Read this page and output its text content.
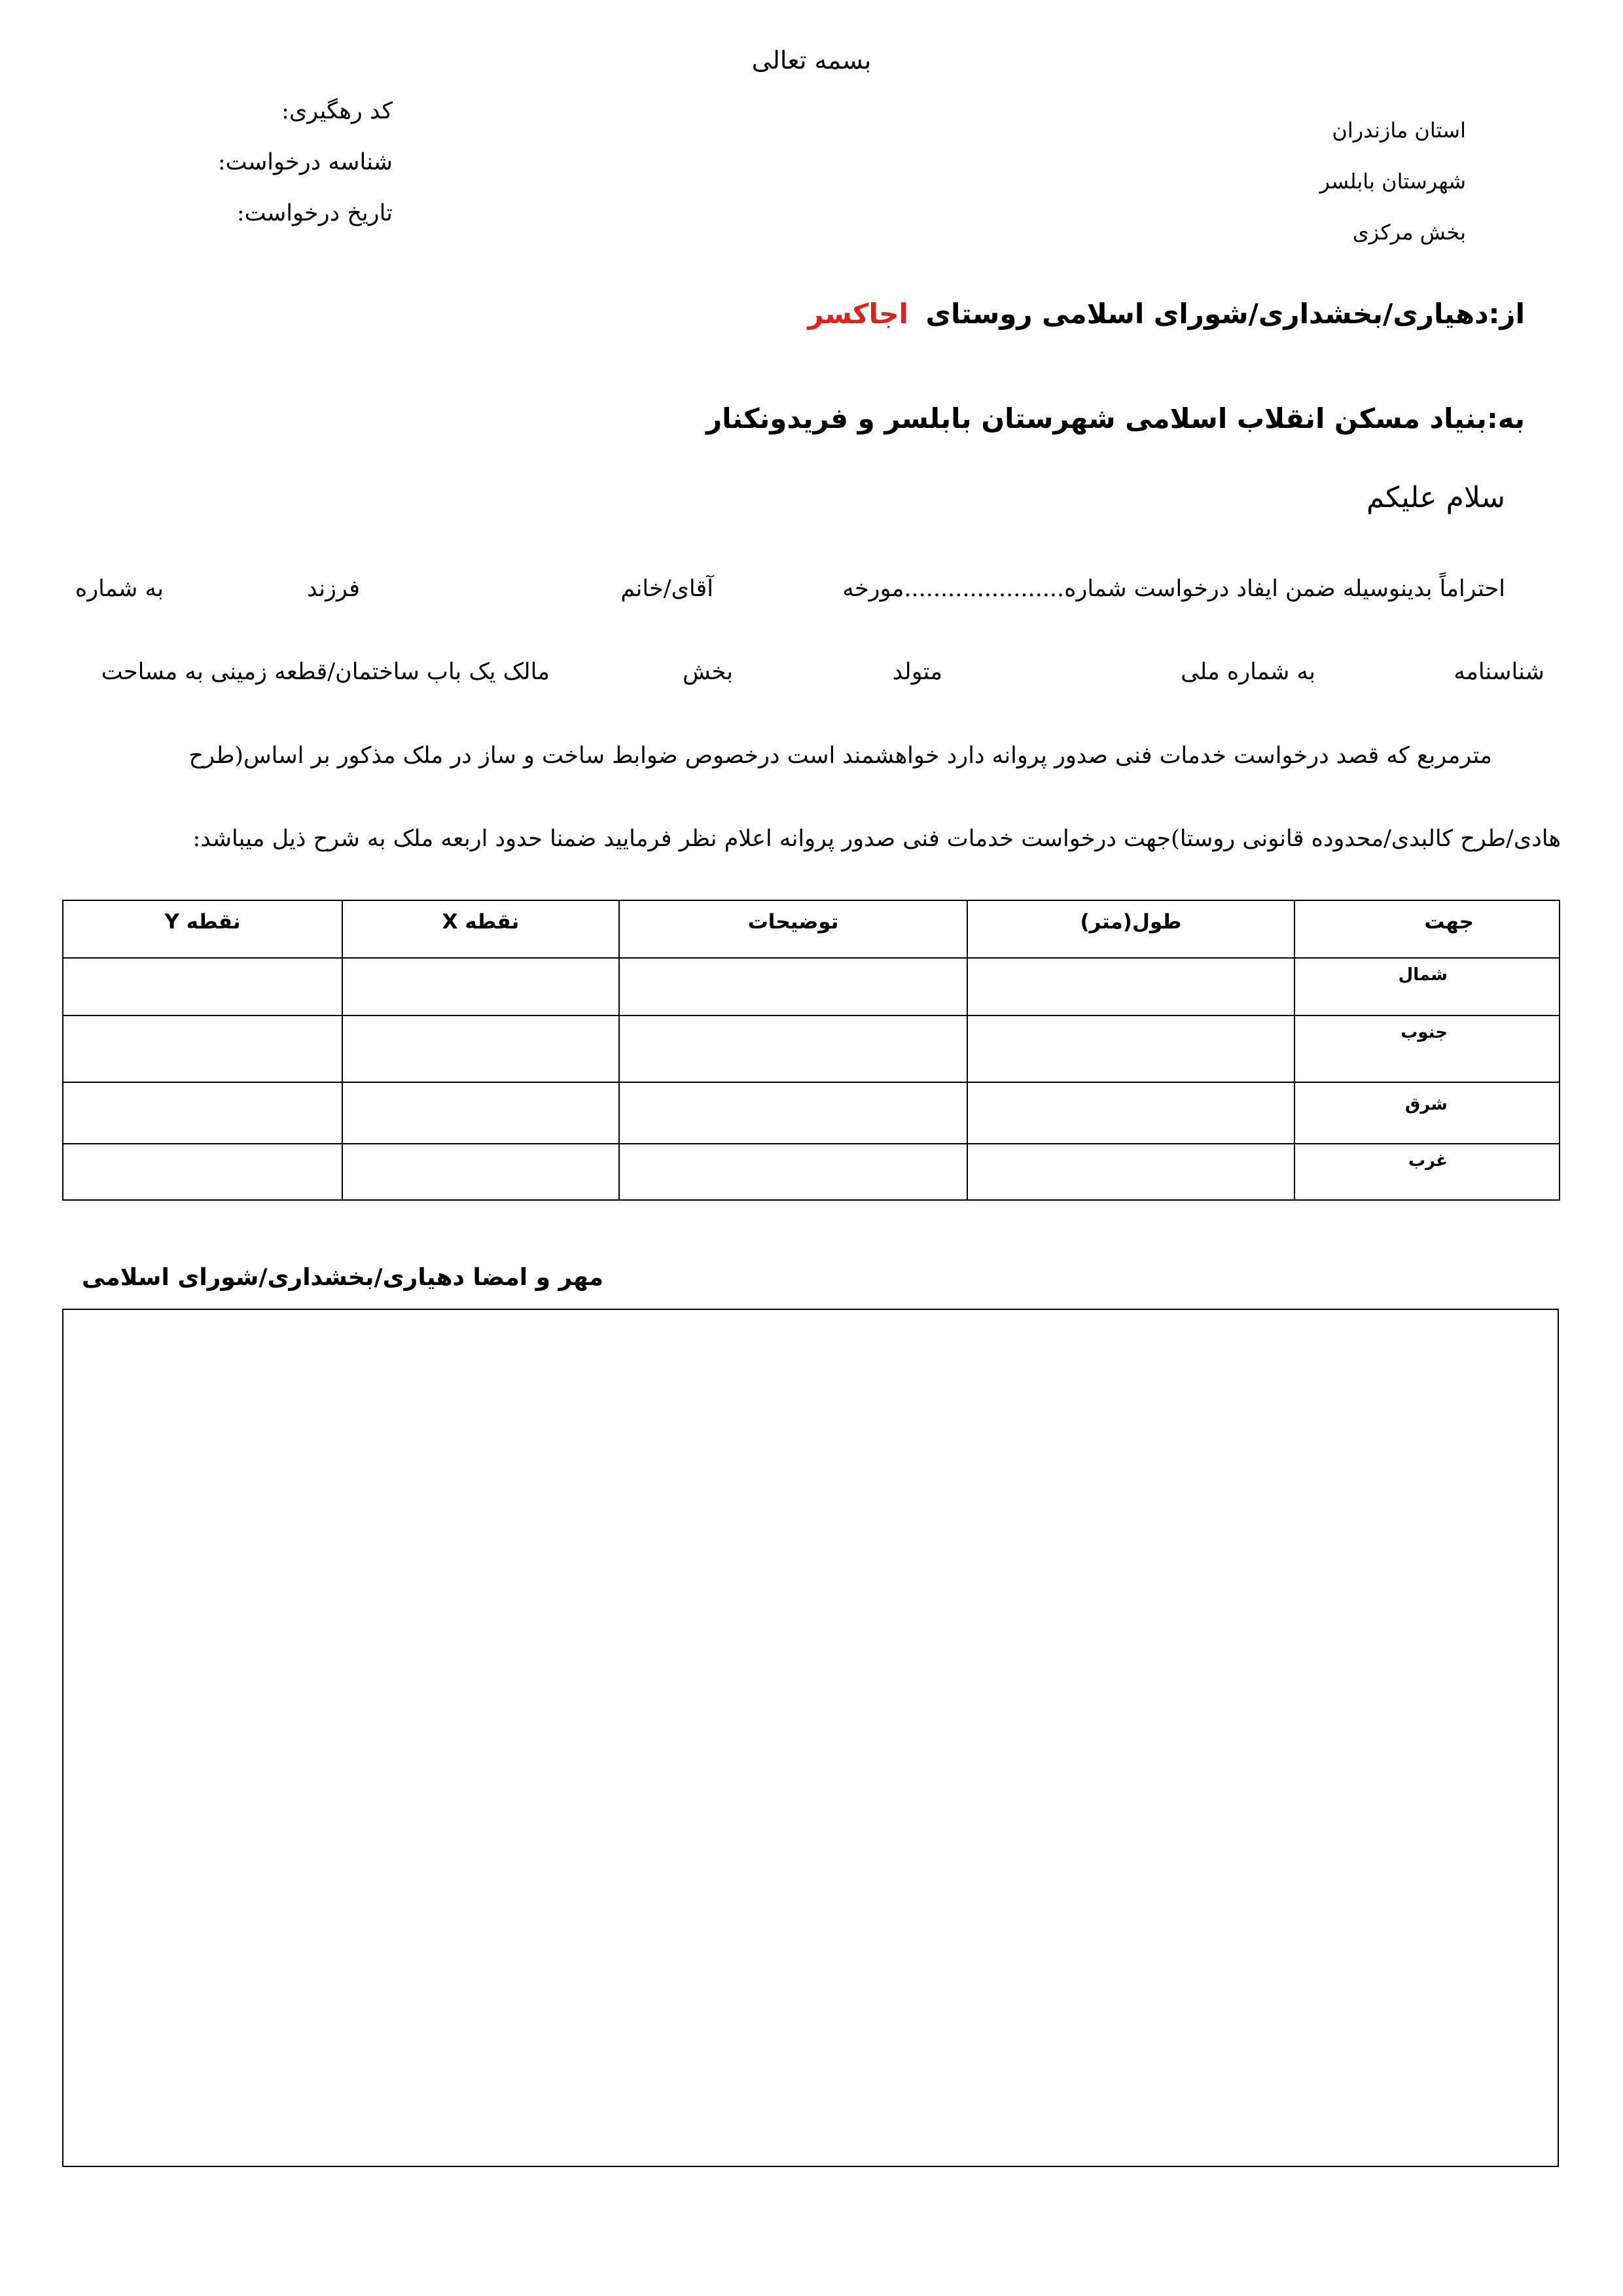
بسمه تعالی
کد رهگیری:
شناسه درخواست:
تاریخ درخواست:
استان مازندران
شهرستان بابلسر
بخش مرکزی
از:دهیاری/بخشداری/شورای اسلامی روستای اجاکسر
به:بنیاد مسکن انقلاب اسلامی شهرستان بابلسر و فریدونکنار
سلام علیکم
احتراماً بدینوسیله ضمن ایفاد درخواست شماره......................مورخه
آقای/خانم
فرزند
به شماره
شناسنامه
به شماره ملی
متولد
بخش
مالک یک باب ساختمان/قطعه زمینی به مساحت
مترمربع که قصد درخواست خدمات فنی صدور پروانه دارد خواهشمند است درخصوص ضوابط ساخت و ساز در ملک مذکور بر اساس(طرح
هادی/طرح کالبدی/محدوده قانونی روستا)جهت درخواست خدمات فنی صدور پروانه اعلام نظر فرمایید ضمنا حدود اربعه ملک به شرح ذیل میباشد:
جهت	طول(متر)	توضیحات	نقطه X	نقطه Y
شمال				
جنوب				
شرق				
غرب				
مهر و امضا دهیاری/بخشداری/شورای اسلامی
